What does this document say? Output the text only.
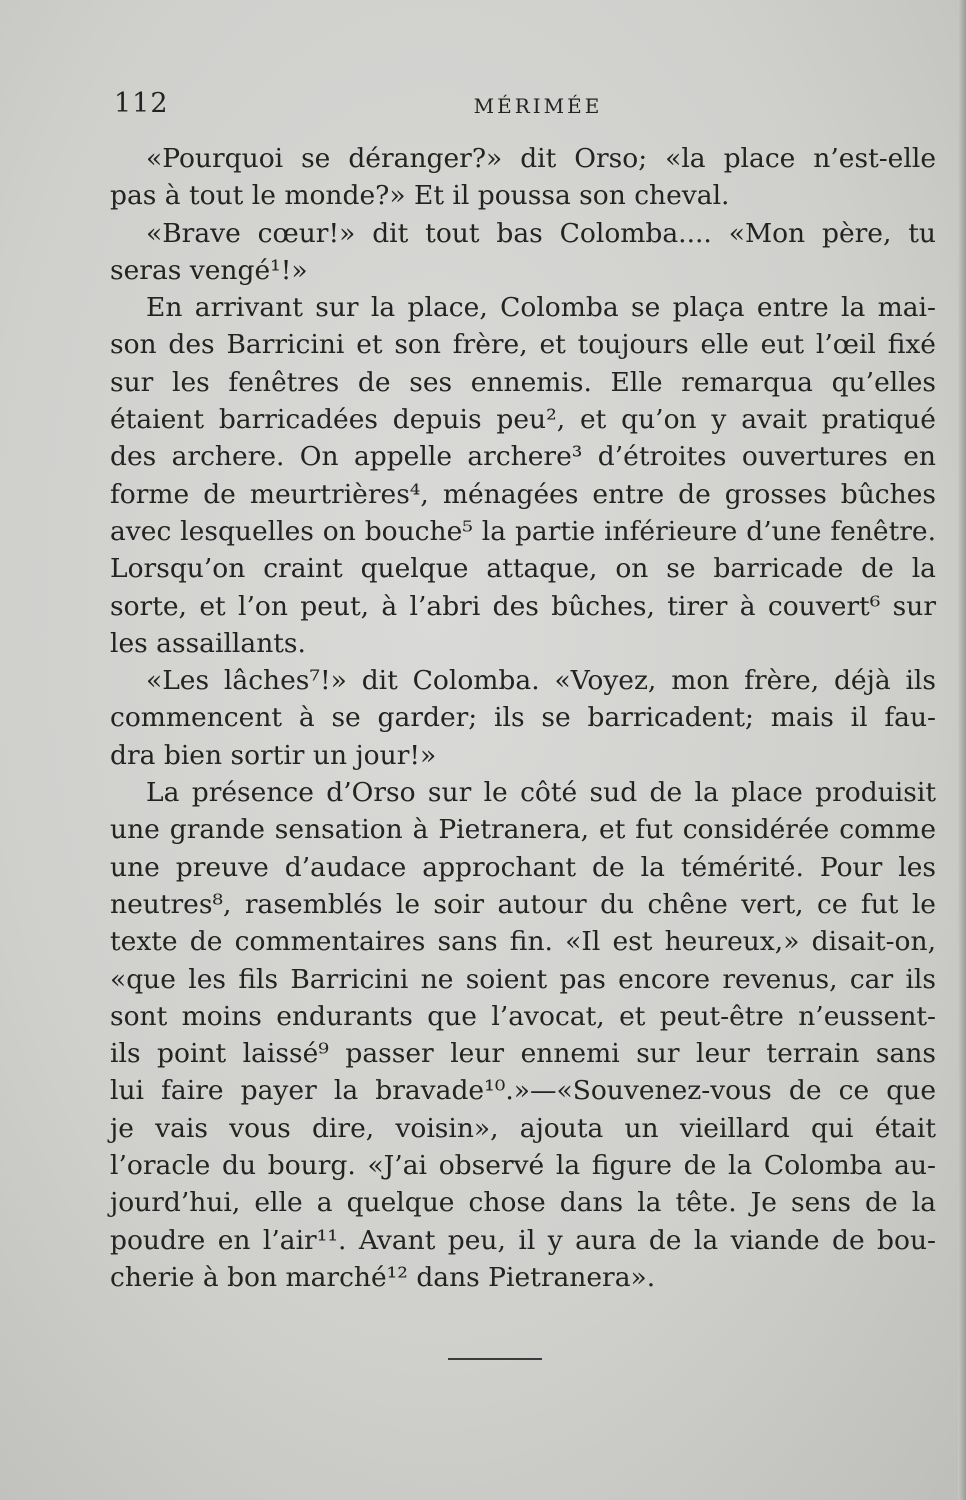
112	MÉRIMÉE
«Pourquoi se déranger?» dit Orso; «la place n’est-elle
pas à tout le monde?» Et il poussa son cheval.
«Brave cœur!» dit tout bas Colomba.... «Mon père, tu
seras vengé¹!»
En arrivant sur la place, Colomba se plaça entre la mai-
son des Barricini et son frère, et toujours elle eut l’œil fixé
sur les fenêtres de ses ennemis. Elle remarqua qu’elles
étaient barricadées depuis peu², et qu’on y avait pratiqué
des archere. On appelle archere³ d’étroites ouvertures en
forme de meurtrières⁴, ménagées entre de grosses bûches
avec lesquelles on bouche⁵ la partie inférieure d’une fenêtre.
Lorsqu’on craint quelque attaque, on se barricade de la
sorte, et l’on peut, à l’abri des bûches, tirer à couvert⁶ sur
les assaillants.
«Les lâches⁷!» dit Colomba. «Voyez, mon frère, déjà ils
commencent à se garder; ils se barricadent; mais il fau-
dra bien sortir un jour!»
La présence d’Orso sur le côté sud de la place produisit
une grande sensation à Pietranera, et fut considérée comme
une preuve d’audace approchant de la témérité. Pour les
neutres⁸, rasemblés le soir autour du chêne vert, ce fut le
texte de commentaires sans fin. «Il est heureux,» disait-on,
«que les fils Barricini ne soient pas encore revenus, car ils
sont moins endurants que l’avocat, et peut-être n’eussent-
ils point laissé⁹ passer leur ennemi sur leur terrain sans
lui faire payer la bravade¹⁰.»—«Souvenez-vous de ce que
je vais vous dire, voisin», ajouta un vieillard qui était
l’oracle du bourg. «J’ai observé la figure de la Colomba au-
jourd’hui, elle a quelque chose dans la tête. Je sens de la
poudre en l’air¹¹. Avant peu, il y aura de la viande de bou-
cherie à bon marché¹² dans Pietranera».
